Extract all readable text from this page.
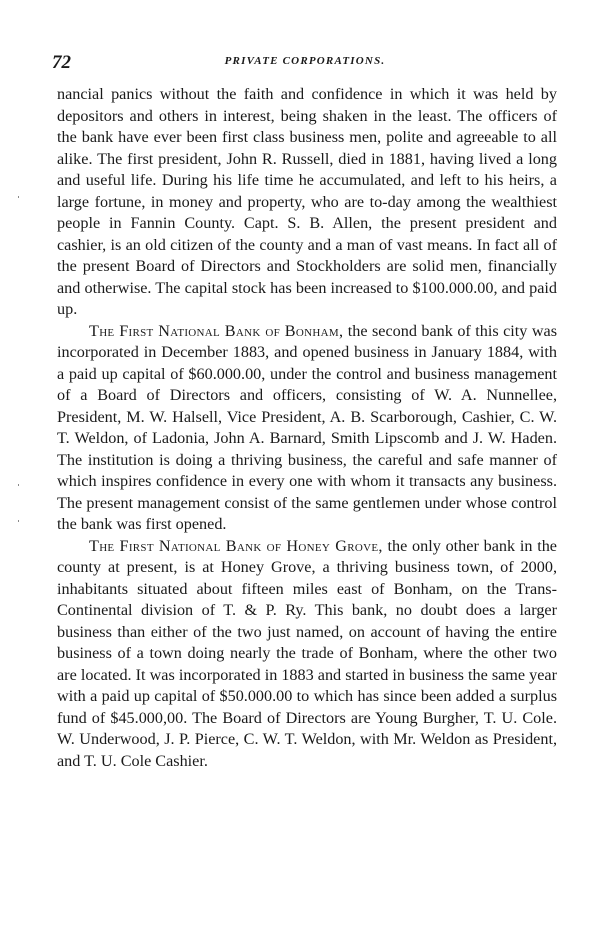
72	PRIVATE CORPORATIONS.

nancial panics without the faith and confidence in which it was held by depositors and others in interest, being shaken in the least. The officers of the bank have ever been first class business men, polite and agreeable to all alike. The first president, John R. Russell, died in 1881, having lived a long and useful life. During his life time he accumulated, and left to his heirs, a large fortune, in money and property, who are to-day among the wealthiest people in Fannin County. Capt. S. B. Allen, the present president and cashier, is an old citizen of the county and a man of vast means. In fact all of the present Board of Directors and Stockholders are solid men, financially and otherwise. The capital stock has been increased to $100.000.00, and paid up.

The First National Bank of Bonham, the second bank of this city was incorporated in December 1883, and opened business in January 1884, with a paid up capital of $60.000.00, under the control and business management of a Board of Directors and officers, consisting of W. A. Nunnellee, President, M. W. Halsell, Vice President, A. B. Scarborough, Cashier, C. W. T. Weldon, of Ladonia, John A. Barnard, Smith Lipscomb and J. W. Haden. The institution is doing a thriving business, the careful and safe manner of which inspires confidence in every one with whom it transacts any business. The present management consist of the same gentlemen under whose control the bank was first opened.

The First National Bank of Honey Grove, the only other bank in the county at present, is at Honey Grove, a thriving business town, of 2000, inhabitants situated about fifteen miles east of Bonham, on the Trans-Continental division of T. & P. Ry. This bank, no doubt does a larger business than either of the two just named, on account of having the entire business of a town doing nearly the trade of Bonham, where the other two are located. It was incorporated in 1883 and started in business the same year with a paid up capital of $50.000.00 to which has since been added a surplus fund of $45.000,00. The Board of Directors are Young Burgher, T. U. Cole. W. Underwood, J. P. Pierce, C. W. T. Weldon, with Mr. Weldon as President, and T. U. Cole Cashier.
